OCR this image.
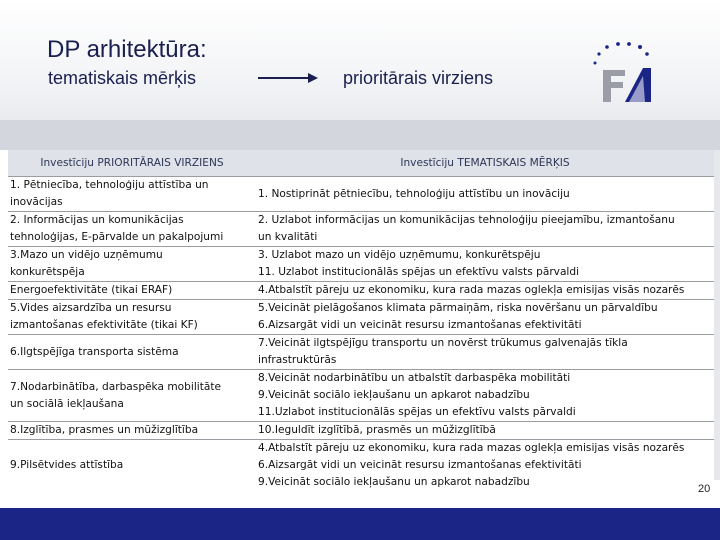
DP arhitektūra:
tematiskais mērķis	prioritārais virziens
Investīciju PRIORITĀRAIS VIRZIENS	Investīciju TEMATISKAIS MĒRĶIS

1. Pētniecība, tehnoloģiju attīstība un
inovācijas	1. Nostiprināt pētniecību, tehnoloģiju attīstību un inovāciju

2. Informācijas un komunikācijas
tehnoloģijas, E-pārvalde un pakalpojumi	2. Uzlabot informācijas un komunikācijas tehnoloģiju pieejamību, izmantošanu
un kvalitāti

3.Mazo un vidējo uzņēmumu
konkurētspēja	3. Uzlabot mazo un vidējo uzņēmumu, konkurētspēju
11. Uzlabot institucionālās spējas un efektīvu valsts pārvaldi

Energoefektivitāte (tikai ERAF)	4.Atbalstīt pāreju uz ekonomiku, kura rada mazas oglekļa emisijas visās nozarēs

5.Vides aizsardzība un resursu
izmantošanas efektivitāte (tikai KF)	5.Veicināt pielāgošanos klimata pārmaiņām, riska novēršanu un pārvaldību
6.Aizsargāt vidi un veicināt resursu izmantošanas efektivitāti

6.Ilgtspējīga transporta sistēma	7.Veicināt ilgtspējīgu transportu un novērst trūkumus galvenajās tīkla
infrastruktūrās

7.Nodarbinātība, darbaspēka mobilitāte
un sociālā iekļaušana	8.Veicināt nodarbinātību un atbalstīt darbaspēka mobilitāti
9.Veicināt sociālo iekļaušanu un apkarot nabadzību
11.Uzlabot institucionālās spējas un efektīvu valsts pārvaldi

8.Izglītība, prasmes un mūžizglītība	10.Ieguldīt izglītībā, prasmēs un mūžizglītībā

9.Pilsētvides attīstība	4.Atbalstīt pāreju uz ekonomiku, kura rada mazas oglekļa emisijas visās nozarēs
6.Aizsargāt vidi un veicināt resursu izmantošanas efektivitāti
9.Veicināt sociālo iekļaušanu un apkarot nabadzību
20
